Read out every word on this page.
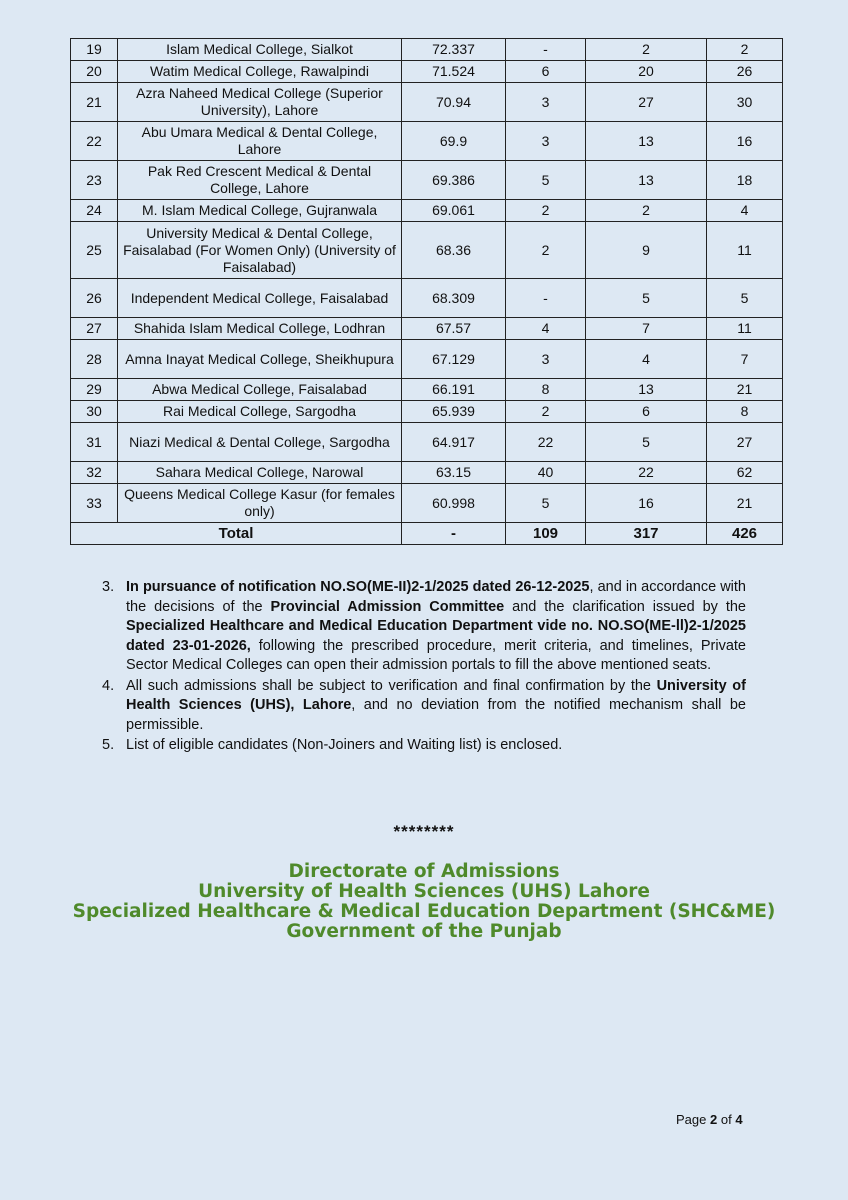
19	Islam Medical College, Sialkot	72.337	-	2	2
20	Watim Medical College, Rawalpindi	71.524	6	20	26
21	Azra Naheed Medical College (Superior University), Lahore	70.94	3	27	30
22	Abu Umara Medical & Dental College, Lahore	69.9	3	13	16
23	Pak Red Crescent Medical & Dental College, Lahore	69.386	5	13	18
24	M. Islam Medical College, Gujranwala	69.061	2	2	4
25	University Medical & Dental College, Faisalabad (For Women Only) (University of Faisalabad)	68.36	2	9	11
26	Independent Medical College, Faisalabad	68.309	-	5	5
27	Shahida Islam Medical College, Lodhran	67.57	4	7	11
28	Amna Inayat Medical College, Sheikhupura	67.129	3	4	7
29	Abwa Medical College, Faisalabad	66.191	8	13	21
30	Rai Medical College, Sargodha	65.939	2	6	8
31	Niazi Medical & Dental College, Sargodha	64.917	22	5	27
32	Sahara Medical College, Narowal	63.15	40	22	62
33	Queens Medical College Kasur (for females only)	60.998	5	16	21
Total		-	109	317	426
3. In pursuance of notification NO.SO(ME-II)2-1/2025 dated 26-12-2025, and in accordance with the decisions of the Provincial Admission Committee and the clarification issued by the Specialized Healthcare and Medical Education Department vide no. NO.SO(ME-ll)2-1/2025 dated 23-01-2026, following the prescribed procedure, merit criteria, and timelines, Private Sector Medical Colleges can open their admission portals to fill the above mentioned seats.
4. All such admissions shall be subject to verification and final confirmation by the University of Health Sciences (UHS), Lahore, and no deviation from the notified mechanism shall be permissible.
5. List of eligible candidates (Non-Joiners and Waiting list) is enclosed.
********
Directorate of Admissions
University of Health Sciences (UHS) Lahore
Specialized Healthcare & Medical Education Department (SHC&ME)
Government of the Punjab
Page 2 of 4
